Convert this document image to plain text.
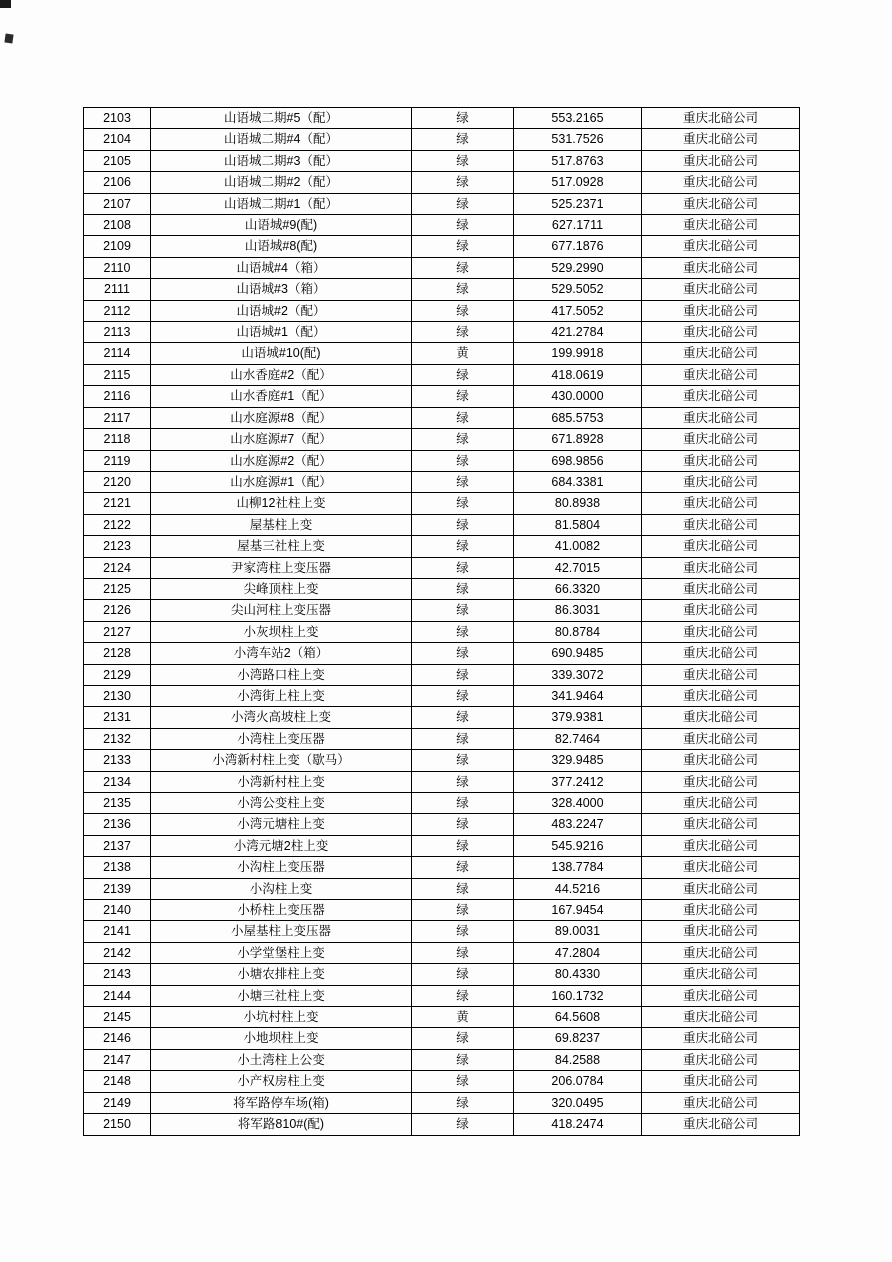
2103	山语城二期#5（配）	绿	553.2165	重庆北碚公司
2104	山语城二期#4（配）	绿	531.7526	重庆北碚公司
2105	山语城二期#3（配）	绿	517.8763	重庆北碚公司
2106	山语城二期#2（配）	绿	517.0928	重庆北碚公司
2107	山语城二期#1（配）	绿	525.2371	重庆北碚公司
2108	山语城#9(配)	绿	627.1711	重庆北碚公司
2109	山语城#8(配)	绿	677.1876	重庆北碚公司
2110	山语城#4（箱）	绿	529.2990	重庆北碚公司
2111	山语城#3（箱）	绿	529.5052	重庆北碚公司
2112	山语城#2（配）	绿	417.5052	重庆北碚公司
2113	山语城#1（配）	绿	421.2784	重庆北碚公司
2114	山语城#10(配)	黄	199.9918	重庆北碚公司
2115	山水香庭#2（配）	绿	418.0619	重庆北碚公司
2116	山水香庭#1（配）	绿	430.0000	重庆北碚公司
2117	山水庭源#8（配）	绿	685.5753	重庆北碚公司
2118	山水庭源#7（配）	绿	671.8928	重庆北碚公司
2119	山水庭源#2（配）	绿	698.9856	重庆北碚公司
2120	山水庭源#1（配）	绿	684.3381	重庆北碚公司
2121	山柳12社柱上变	绿	80.8938	重庆北碚公司
2122	屋基柱上变	绿	81.5804	重庆北碚公司
2123	屋基三社柱上变	绿	41.0082	重庆北碚公司
2124	尹家湾柱上变压器	绿	42.7015	重庆北碚公司
2125	尖峰顶柱上变	绿	66.3320	重庆北碚公司
2126	尖山河柱上变压器	绿	86.3031	重庆北碚公司
2127	小灰坝柱上变	绿	80.8784	重庆北碚公司
2128	小湾车站2（箱）	绿	690.9485	重庆北碚公司
2129	小湾路口柱上变	绿	339.3072	重庆北碚公司
2130	小湾街上柱上变	绿	341.9464	重庆北碚公司
2131	小湾火高坡柱上变	绿	379.9381	重庆北碚公司
2132	小湾柱上变压器	绿	82.7464	重庆北碚公司
2133	小湾新村柱上变（歇马）	绿	329.9485	重庆北碚公司
2134	小湾新村柱上变	绿	377.2412	重庆北碚公司
2135	小湾公变柱上变	绿	328.4000	重庆北碚公司
2136	小湾元塘柱上变	绿	483.2247	重庆北碚公司
2137	小湾元塘2柱上变	绿	545.9216	重庆北碚公司
2138	小沟柱上变压器	绿	138.7784	重庆北碚公司
2139	小沟柱上变	绿	44.5216	重庆北碚公司
2140	小桥柱上变压器	绿	167.9454	重庆北碚公司
2141	小屋基柱上变压器	绿	89.0031	重庆北碚公司
2142	小学堂堡柱上变	绿	47.2804	重庆北碚公司
2143	小塘农排柱上变	绿	80.4330	重庆北碚公司
2144	小塘三社柱上变	绿	160.1732	重庆北碚公司
2145	小坑村柱上变	黄	64.5608	重庆北碚公司
2146	小地坝柱上变	绿	69.8237	重庆北碚公司
2147	小土湾柱上公变	绿	84.2588	重庆北碚公司
2148	小产权房柱上变	绿	206.0784	重庆北碚公司
2149	将军路停车场(箱)	绿	320.0495	重庆北碚公司
2150	将军路810#(配)	绿	418.2474	重庆北碚公司
